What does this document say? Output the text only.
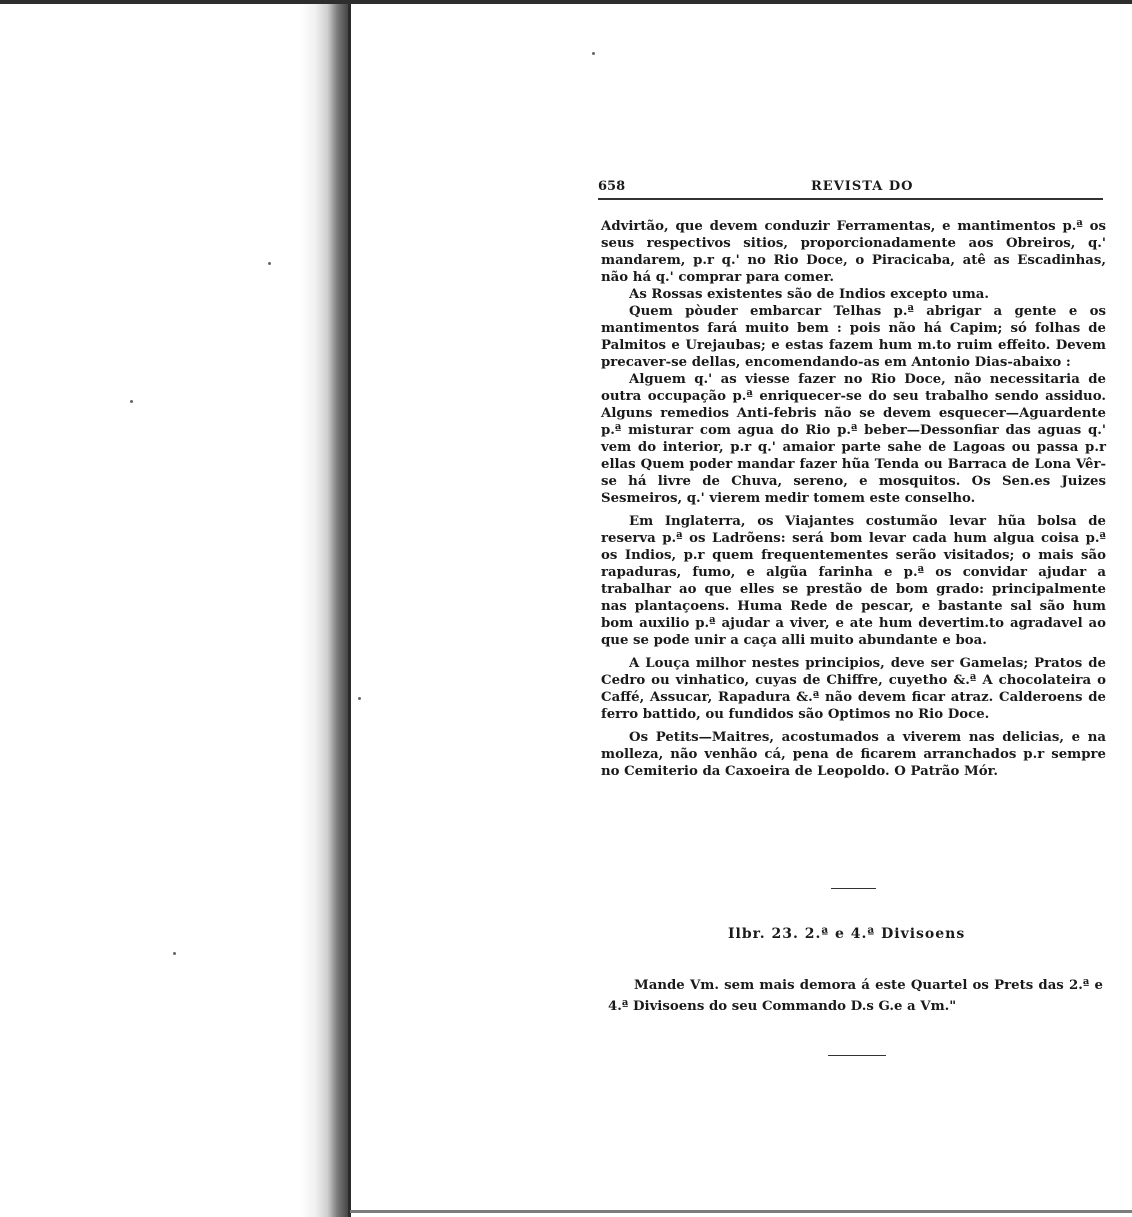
658	REVISTA DO

Advirtão, que devem conduzir Ferramentas, e mantimentos p.ª os seus respectivos sitios, proporcionadamente aos Obreiros, q.' mandarem, p.r q.' no Rio Doce, o Piracicaba, atê as Escadinhas, não há q.' comprar para comer.

As Rossas existentes são de Indios excepto uma.

Quem pòuder embarcar Telhas p.ª abrigar a gente e os mantimentos fará muito bem : pois não há Capim; só folhas de Palmitos e Urejaubas; e estas fazem hum m.to ruim effeito. Devem precaver-se dellas, encomendando-as em Antonio Dias-abaixo :

Alguem q.' as viesse fazer no Rio Doce, não necessitaria de outra occupação p.ª enriquecer-se do seu trabalho sendo assiduo. Alguns remedios Anti-febris não se devem esquecer—Aguardente p.ª misturar com agua do Rio p.ª beber—Dessonfiar das aguas q.' vem do interior, p.r q.' amaior parte sahe de Lagoas ou passa p.r ellas Quem poder mandar fazer hũa Tenda ou Barraca de Lona Vêr-se há livre de Chuva, sereno, e mosquitos. Os Sen.es Juizes Sesmeiros, q.' vierem medir tomem este conselho.

Em Inglaterra, os Viajantes costumão levar hũa bolsa de reserva p.ª os Ladrõens: será bom levar cada hum algua coisa p.ª os Indios, p.r quem frequentementes serão visitados; o mais são rapaduras, fumo, e algũa farinha e p.ª os convidar ajudar a trabalhar ao que elles se prestão de bom grado: principalmente nas plantaçoens. Huma Rede de pescar, e bastante sal são hum bom auxilio p.ª ajudar a viver, e ate hum devertim.to agradavel ao que se pode unir a caça alli muito abundante e boa.

A Louça milhor nestes principios, deve ser Gamelas; Pratos de Cedro ou vinhatico, cuyas de Chiffre, cuyetho &.ª A chocolateira o Caffé, Assucar, Rapadura &.ª não devem ficar atraz. Calderoens de ferro battido, ou fundidos são Optimos no Rio Doce.

Os Petits—Maitres, acostumados a viverem nas delicias, e na molleza, não venhão cá, pena de ficarem arranchados p.r sempre no Cemiterio da Caxoeira de Leopoldo. O Patrão Mór.

Ilbr. 23. 2.ª e 4.ª Divisoens

Mande Vm. sem mais demora á este Quartel os Prets das 2.ª e 4.ª Divisoens do seu Commando D.s G.e a Vm."
